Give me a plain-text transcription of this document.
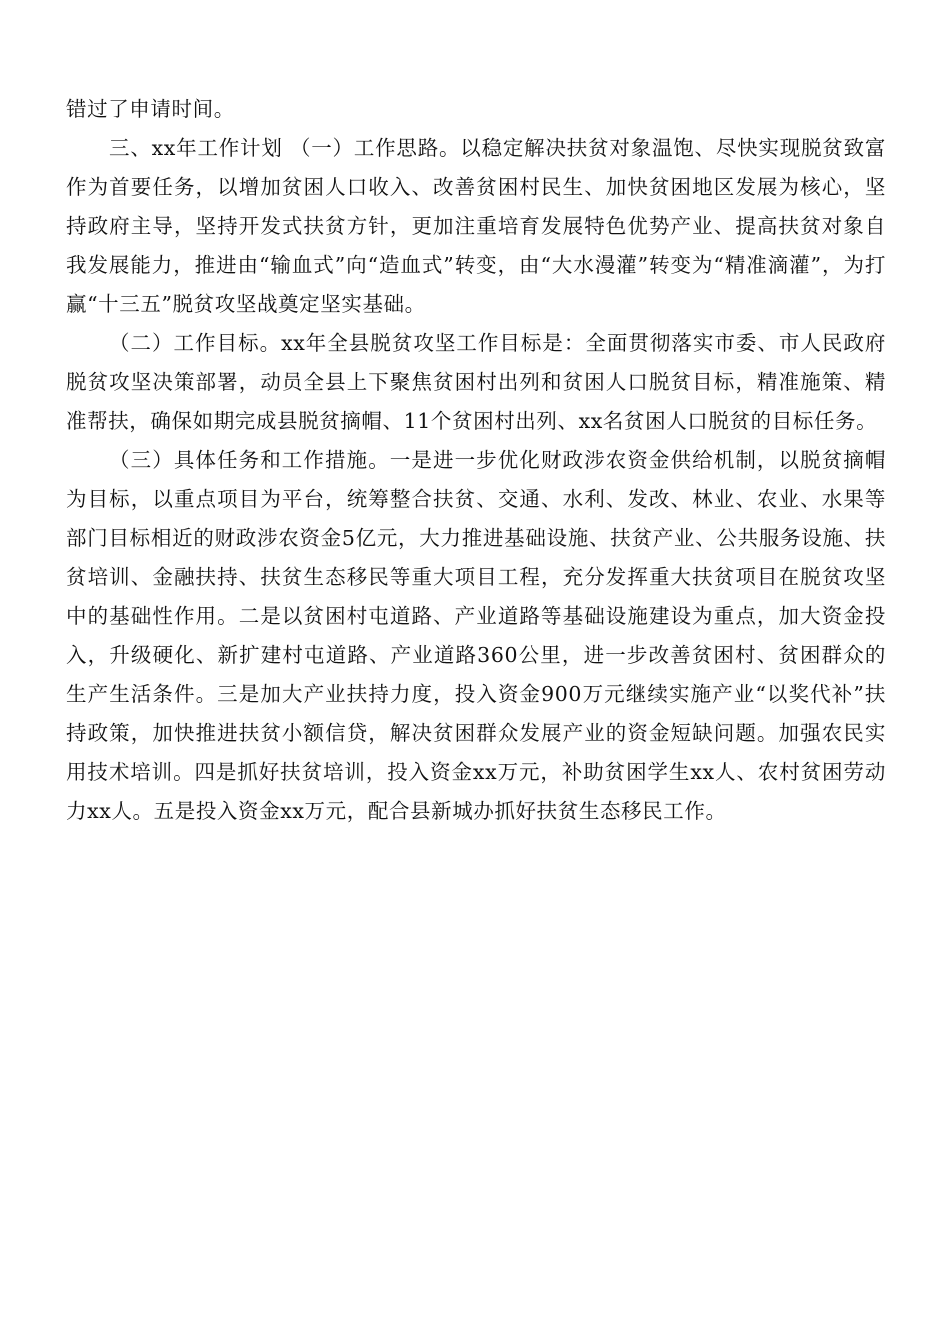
错过了申请时间。

三、xx年工作计划 （一）工作思路。以稳定解决扶贫对象温饱、尽快实现脱贫致富作为首要任务，以增加贫困人口收入、改善贫困村民生、加快贫困地区发展为核心，坚持政府主导，坚持开发式扶贫方针，更加注重培育发展特色优势产业、提高扶贫对象自我发展能力，推进由“输血式”向“造血式”转变，由“大水漫灌”转变为“精准滴灌”，为打赢“十三五”脱贫攻坚战奠定坚实基础。

（二）工作目标。xx年全县脱贫攻坚工作目标是：全面贯彻落实市委、市人民政府脱贫攻坚决策部署，动员全县上下聚焦贫困村出列和贫困人口脱贫目标，精准施策、精准帮扶，确保如期完成县脱贫摘帽、11个贫困村出列、xx名贫困人口脱贫的目标任务。

（三）具体任务和工作措施。一是进一步优化财政涉农资金供给机制，以脱贫摘帽为目标，以重点项目为平台，统筹整合扶贫、交通、水利、发改、林业、农业、水果等部门目标相近的财政涉农资金5亿元，大力推进基础设施、扶贫产业、公共服务设施、扶贫培训、金融扶持、扶贫生态移民等重大项目工程，充分发挥重大扶贫项目在脱贫攻坚中的基础性作用。二是以贫困村屯道路、产业道路等基础设施建设为重点，加大资金投入，升级硬化、新扩建村屯道路、产业道路360公里，进一步改善贫困村、贫困群众的生产生活条件。三是加大产业扶持力度，投入资金900万元继续实施产业“以奖代补”扶持政策，加快推进扶贫小额信贷，解决贫困群众发展产业的资金短缺问题。加强农民实用技术培训。四是抓好扶贫培训，投入资金xx万元，补助贫困学生xx人、农村贫困劳动力xx人。五是投入资金xx万元，配合县新城办抓好扶贫生态移民工作。
